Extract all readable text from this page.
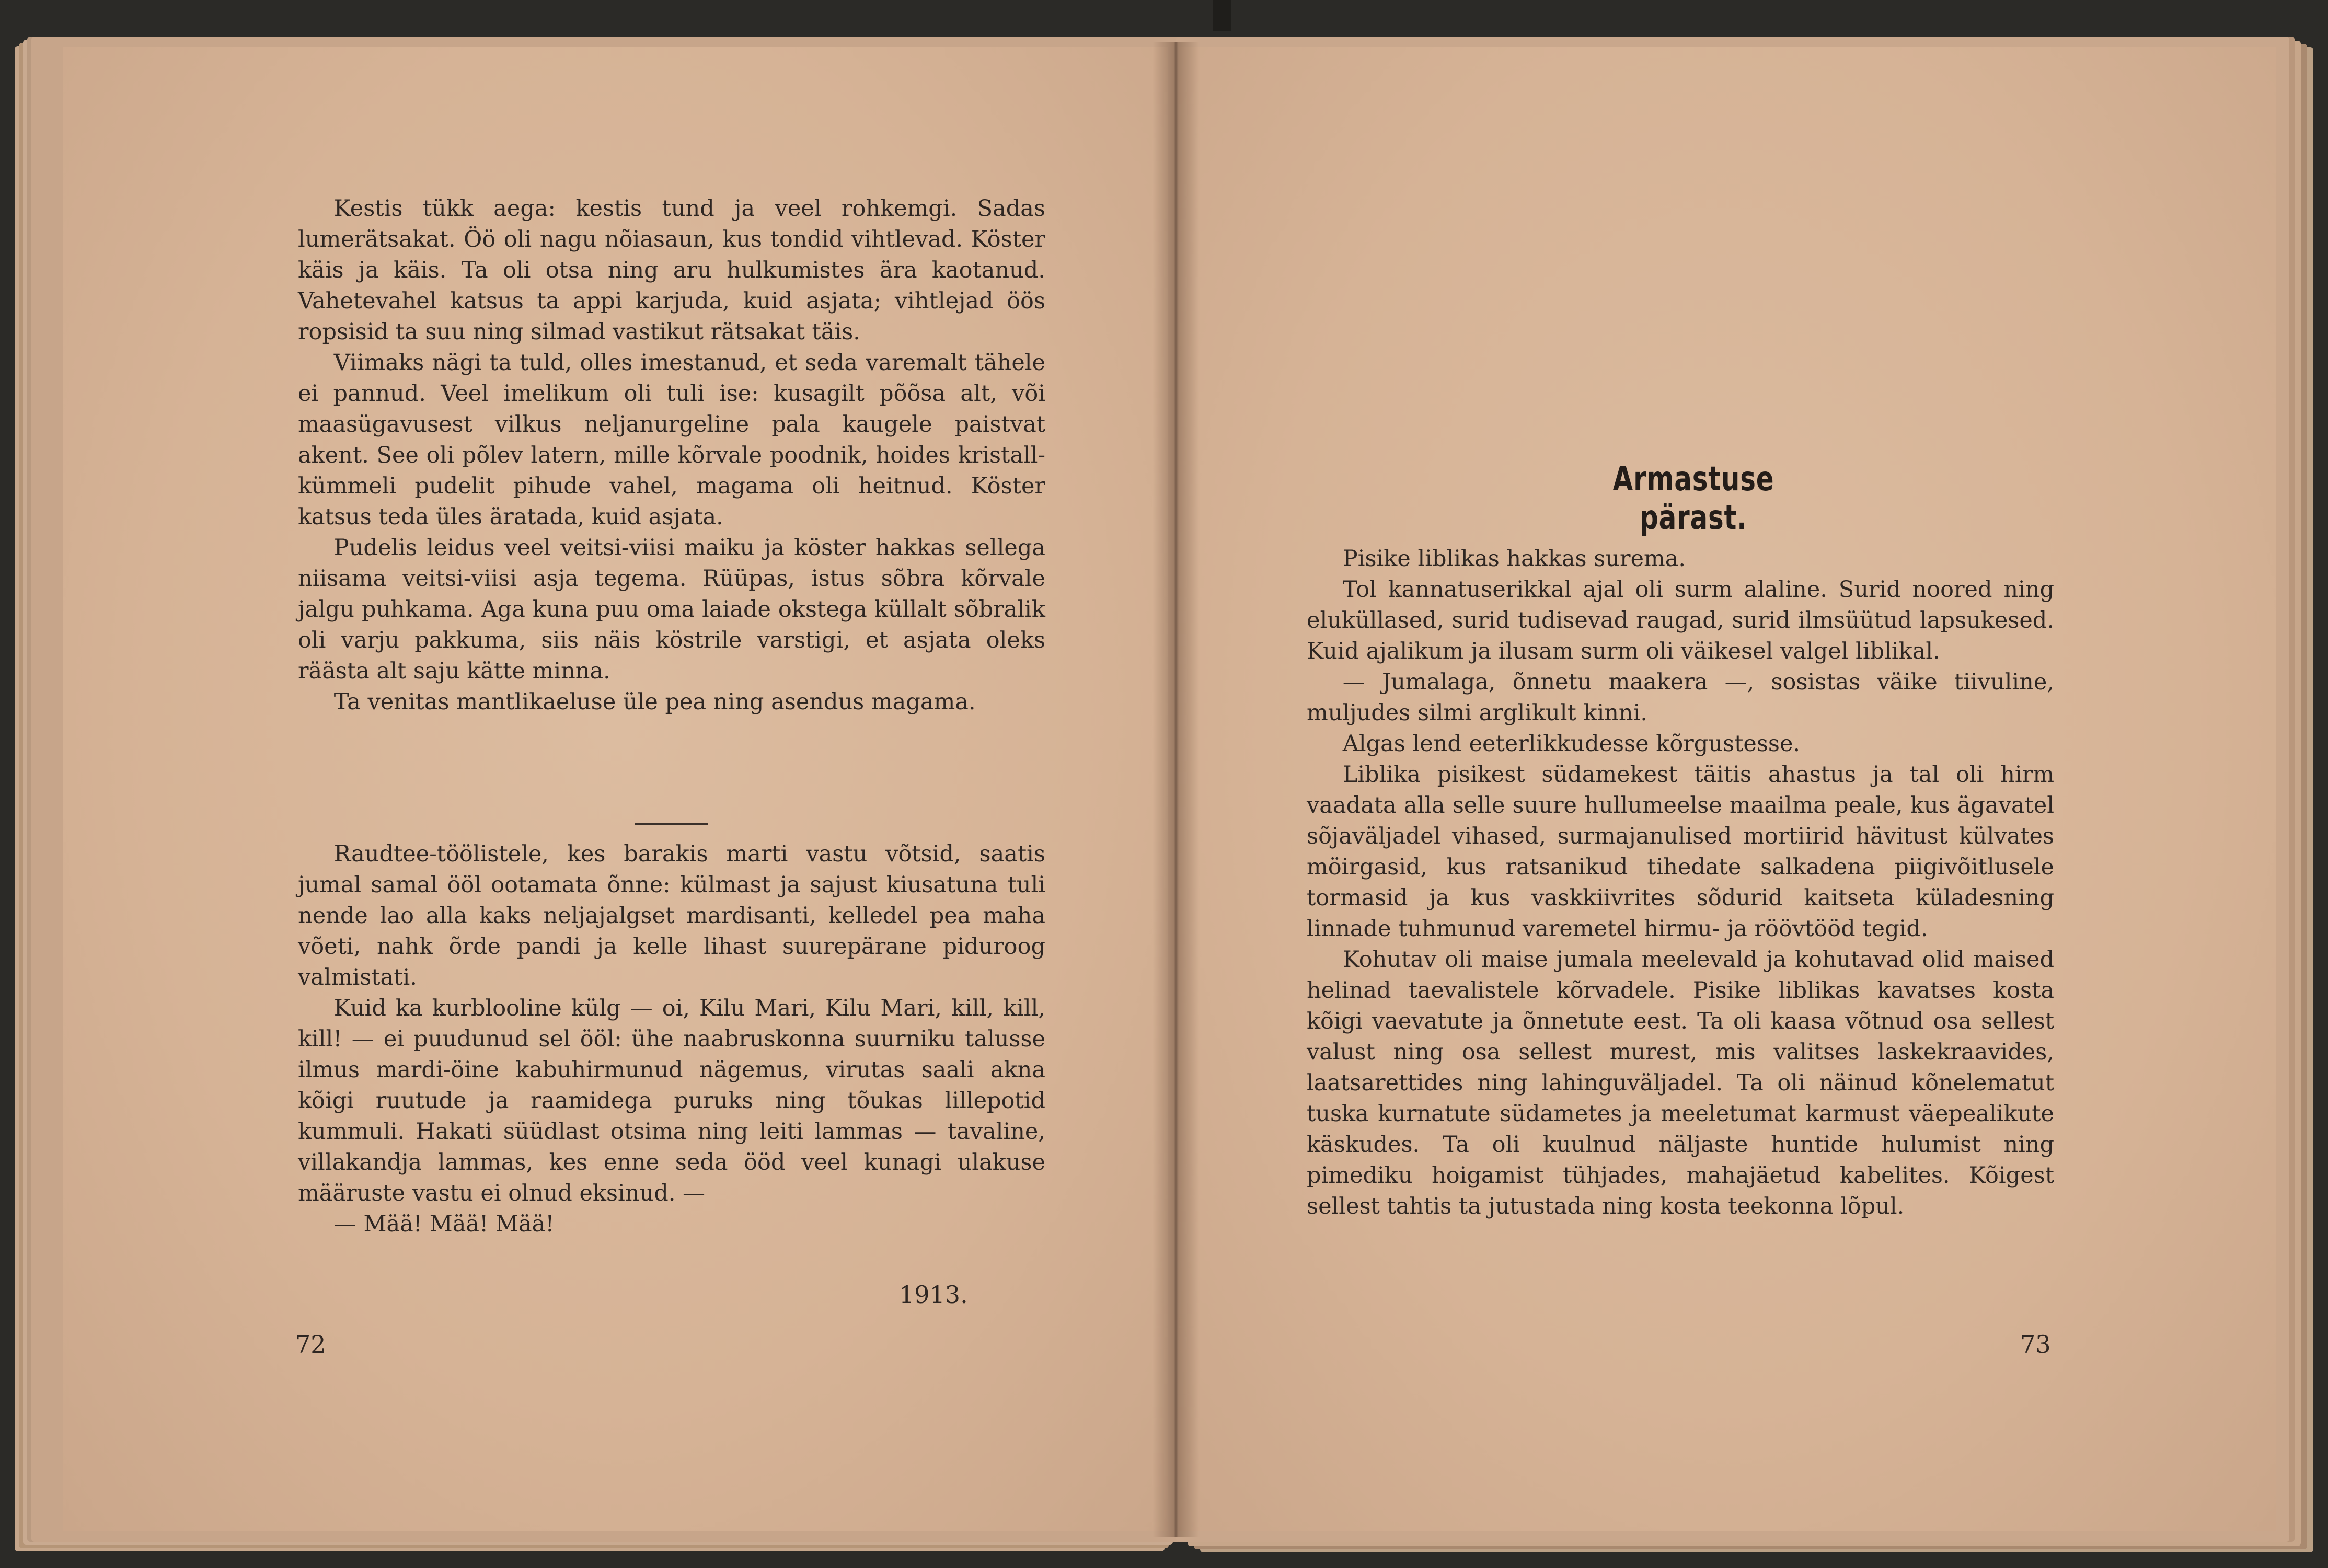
Kestis tükk aega: kestis tund ja veel rohkemgi. Sadas lumerätsakat. Öö oli nagu nõiasaun, kus tondid vihtlevad. Köster käis ja käis. Ta oli otsa ning aru hulkumistes ära kaotanud. Vahetevahel katsus ta appi karjuda, kuid asjata; vihtlejad öös ropsisid ta suu ning silmad vastikut rätsakat täis.

Viimaks nägi ta tuld, olles imestanud, et seda varemalt tähele ei pannud. Veel imelikum oli tuli ise: kusagilt põõsa alt, või maasügavusest vilkus neljanurgeline pala kaugele paistvat akent. See oli põlev latern, mille kõrvale poodnik, hoides kristall-kümmeli pudelit pihude vahel, magama oli heitnud. Köster katsus teda üles äratada, kuid asjata.

Pudelis leidus veel veitsi-viisi maiku ja köster hakkas sellega niisama veitsi-viisi asja tegema. Rüüpas, istus sõbra kõrvale jalgu puhkama. Aga kuna puu oma laiade okstega küllalt sõbralik oli varju pakkuma, siis näis köstrile varstigi, et asjata oleks räästa alt saju kätte minna.

Ta venitas mantlikaeluse üle pea ning asendus magama.

Raudtee-töölistele, kes barakis marti vastu võtsid, saatis jumal samal ööl ootamata õnne: külmast ja sajust kiusatuna tuli nende lao alla kaks neljajalgset mardisanti, kelledel pea maha võeti, nahk õrde pandi ja kelle lihast suurepärane piduroog valmistati.

Kuid ka kurblooline külg — oi, Kilu Mari, Kilu Mari, kill, kill, kill! — ei puudunud sel ööl: ühe naabruskonna suurniku talusse ilmus mardi-öine kabuhirmunud nägemus, virutas saali akna kõigi ruutude ja raamidega puruks ning tõukas lillepotid kummuli. Hakati süüdlast otsima ning leiti lammas — tavaline, villakandja lammas, kes enne seda ööd veel kunagi ulakuse määruste vastu ei olnud eksinud. —

— Mää! Mää! Mää!

1913.
72
Armastuse pärast.

Pisike liblikas hakkas surema.

Tol kannatuserikkal ajal oli surm alaline. Surid noored ning eluküllased, surid tudisevad raugad, surid ilmsüütud lapsukesed. Kuid ajalikum ja ilusam surm oli väikesel valgel liblikal.

— Jumalaga, õnnetu maakera —, sosistas väike tiivuline, muljudes silmi arglikult kinni.

Algas lend eeterlikkudesse kõrgustesse.

Liblika pisikest südamekest täitis ahastus ja tal oli hirm vaadata alla selle suure hullumeelse maailma peale, kus ägavatel sõjaväljadel vihased, surmajanulised mortiirid hävitust külvates möirgasid, kus ratsanikud tihedate salkadena piigivõitlusele tormasid ja kus vaskkiivrites sõdurid kaitseta küladesning linnade tuhmunud varemetel hirmu- ja röövtööd tegid.

Kohutav oli maise jumala meelevald ja kohutavad olid maised helinad taevalistele kõrvadele. Pisike liblikas kavatses kosta kõigi vaevatute ja õnnetute eest. Ta oli kaasa võtnud osa sellest valust ning osa sellest murest, mis valitses laskekraavides, laatsarettides ning lahinguväljadel. Ta oli näinud kõnelematut tuska kurnatute südametes ja meeletumat karmust väepealikute käskudes. Ta oli kuulnud näljaste huntide hulumist ning pimediku hoigamist tühjades, mahajäetud kabelites. Kõigest sellest tahtis ta jutustada ning kosta teekonna lõpul.

73
